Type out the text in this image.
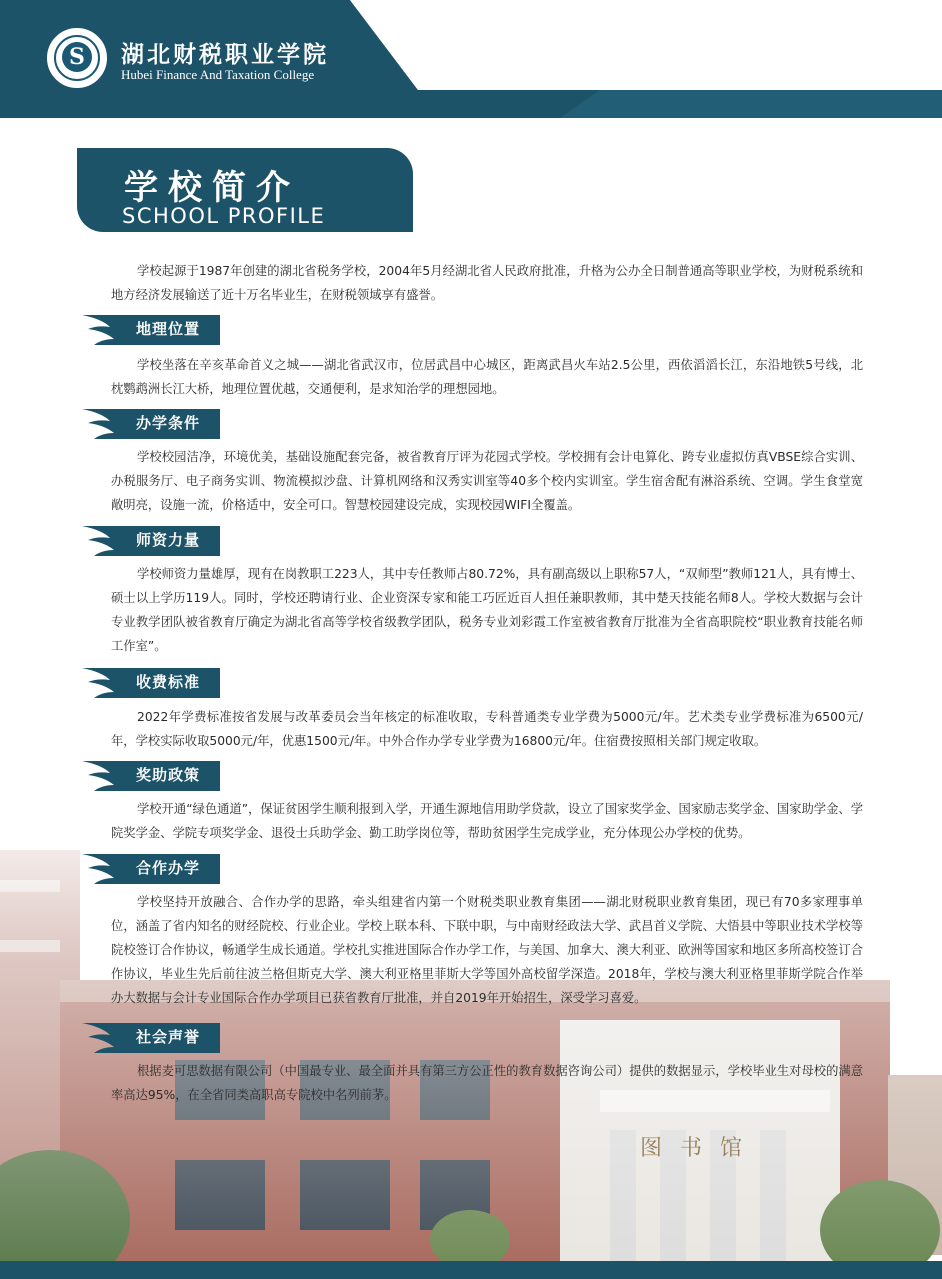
S	湖北财税职业学院
Hubei Finance And Taxation College
学校简介
SCHOOL PROFILE

学校起源于1987年创建的湖北省税务学校，2004年5月经湖北省人民政府批准，升格为公办全日制普通高等职业学校，为财税系统和地方经济发展输送了近十万名毕业生，在财税领域享有盛誉。

地理位置

学校坐落在辛亥革命首义之城——湖北省武汉市，位居武昌中心城区，距离武昌火车站2.5公里，西依滔滔长江，东沿地铁5号线，北枕鹦鹉洲长江大桥，地理位置优越，交通便利，是求知治学的理想园地。

办学条件

学校校园洁净，环境优美，基础设施配套完备，被省教育厅评为花园式学校。学校拥有会计电算化、跨专业虚拟仿真VBSE综合实训、办税服务厅、电子商务实训、物流模拟沙盘、计算机网络和汉秀实训室等40多个校内实训室。学生宿舍配有淋浴系统、空调。学生食堂宽敞明亮，设施一流，价格适中，安全可口。智慧校园建设完成，实现校园WIFI全覆盖。

师资力量

学校师资力量雄厚，现有在岗教职工223人，其中专任教师占80.72%，具有副高级以上职称57人，“双师型”教师121人，具有博士、硕士以上学历119人。同时，学校还聘请行业、企业资深专家和能工巧匠近百人担任兼职教师，其中楚天技能名师8人。学校大数据与会计专业教学团队被省教育厅确定为湖北省高等学校省级教学团队，税务专业刘彩霞工作室被省教育厅批准为全省高职院校“职业教育技能名师工作室”。

收费标准

2022年学费标准按省发展与改革委员会当年核定的标准收取，专科普通类专业学费为5000元/年。艺术类专业学费标准为6500元/年，学校实际收取5000元/年，优惠1500元/年。中外合作办学专业学费为16800元/年。住宿费按照相关部门规定收取。

奖助政策

学校开通“绿色通道”，保证贫困学生顺利报到入学，开通生源地信用助学贷款，设立了国家奖学金、国家励志奖学金、国家助学金、学院奖学金、学院专项奖学金、退役士兵助学金、勤工助学岗位等，帮助贫困学生完成学业，充分体现公办学校的优势。

合作办学

学校坚持开放融合、合作办学的思路，牵头组建省内第一个财税类职业教育集团——湖北财税职业教育集团，现已有70多家理事单位，涵盖了省内知名的财经院校、行业企业。学校上联本科、下联中职，与中南财经政法大学、武昌首义学院、大悟县中等职业技术学校等院校签订合作协议，畅通学生成长通道。学校扎实推进国际合作办学工作，与美国、加拿大、澳大利亚、欧洲等国家和地区多所高校签订合作协议，毕业生先后前往波兰格但斯克大学、澳大利亚格里菲斯大学等国外高校留学深造。2018年，学校与澳大利亚格里菲斯学院合作举办大数据与会计专业国际合作办学项目已获省教育厅批准，并自2019年开始招生，深受学习喜爱。

社会声誉

根据麦可思数据有限公司（中国最专业、最全面并具有第三方公正性的教育数据咨询公司）提供的数据显示，学校毕业生对母校的满意率高达95%，在全省同类高职高专院校中名列前茅。
